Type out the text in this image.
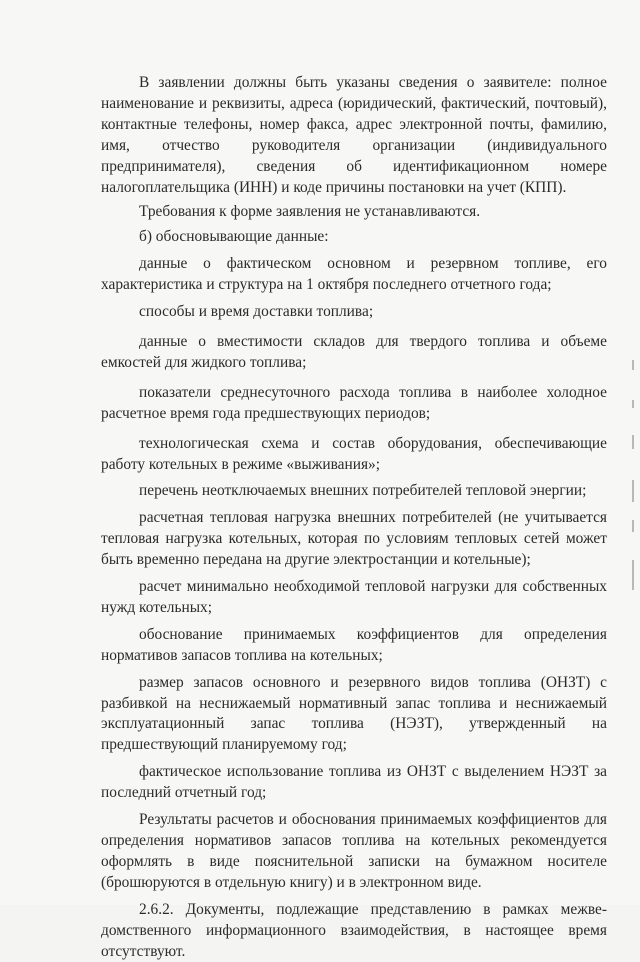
В заявлении должны быть указаны сведения о заявителе: полное наименование и реквизиты, адреса (юридический, фактический, почтовый), контактные телефоны, номер факса, адрес электронной почты, фамилию, имя, отчество руководителя организации (индивидуального предпринимателя), сведения об идентификационном номере налогоплательщика (ИНН) и коде причины постановки на учет (КПП).

Требования к форме заявления не устанавливаются.

б) обосновывающие данные:

данные о фактическом основном и резервном топливе, его характеристика и структура на 1 октября последнего отчетного года;

способы и время доставки топлива;

данные о вместимости складов для твердого топлива и объеме емкостей для жидкого топлива;

показатели среднесуточного расхода топлива в наиболее холодное расчетное время года предшествующих периодов;

технологическая схема и состав оборудования, обеспечивающие работу котельных в режиме «выживания»;

перечень неотключаемых внешних потребителей тепловой энергии;

расчетная тепловая нагрузка внешних потребителей (не учитывается тепловая нагрузка котельных, которая по условиям тепловых сетей может быть временно передана на другие электростанции и котельные);

расчет минимально необходимой тепловой нагрузки для собственных нужд котельных;

обоснование принимаемых коэффициентов для определения нормативов запасов топлива на котельных;

размер запасов основного и резервного видов топлива (ОНЗТ) с разбивкой на неснижаемый нормативный запас топлива и неснижаемый эксплуатационный запас топлива (НЭЗТ), утвержденный на предшествующий планируемому год;

фактическое использование топлива из ОНЗТ с выделением НЭЗТ за последний отчетный год;

Результаты расчетов и обоснования принимаемых коэффициентов для определения нормативов запасов топлива на котельных рекомендуется оформлять в виде пояснительной записки на бумажном носителе (брошюруются в отдельную книгу) и в электронном виде.

2.6.2. Документы, подлежащие представлению в рамках межве-домственного информационного взаимодействия, в настоящее время отсутствуют.
